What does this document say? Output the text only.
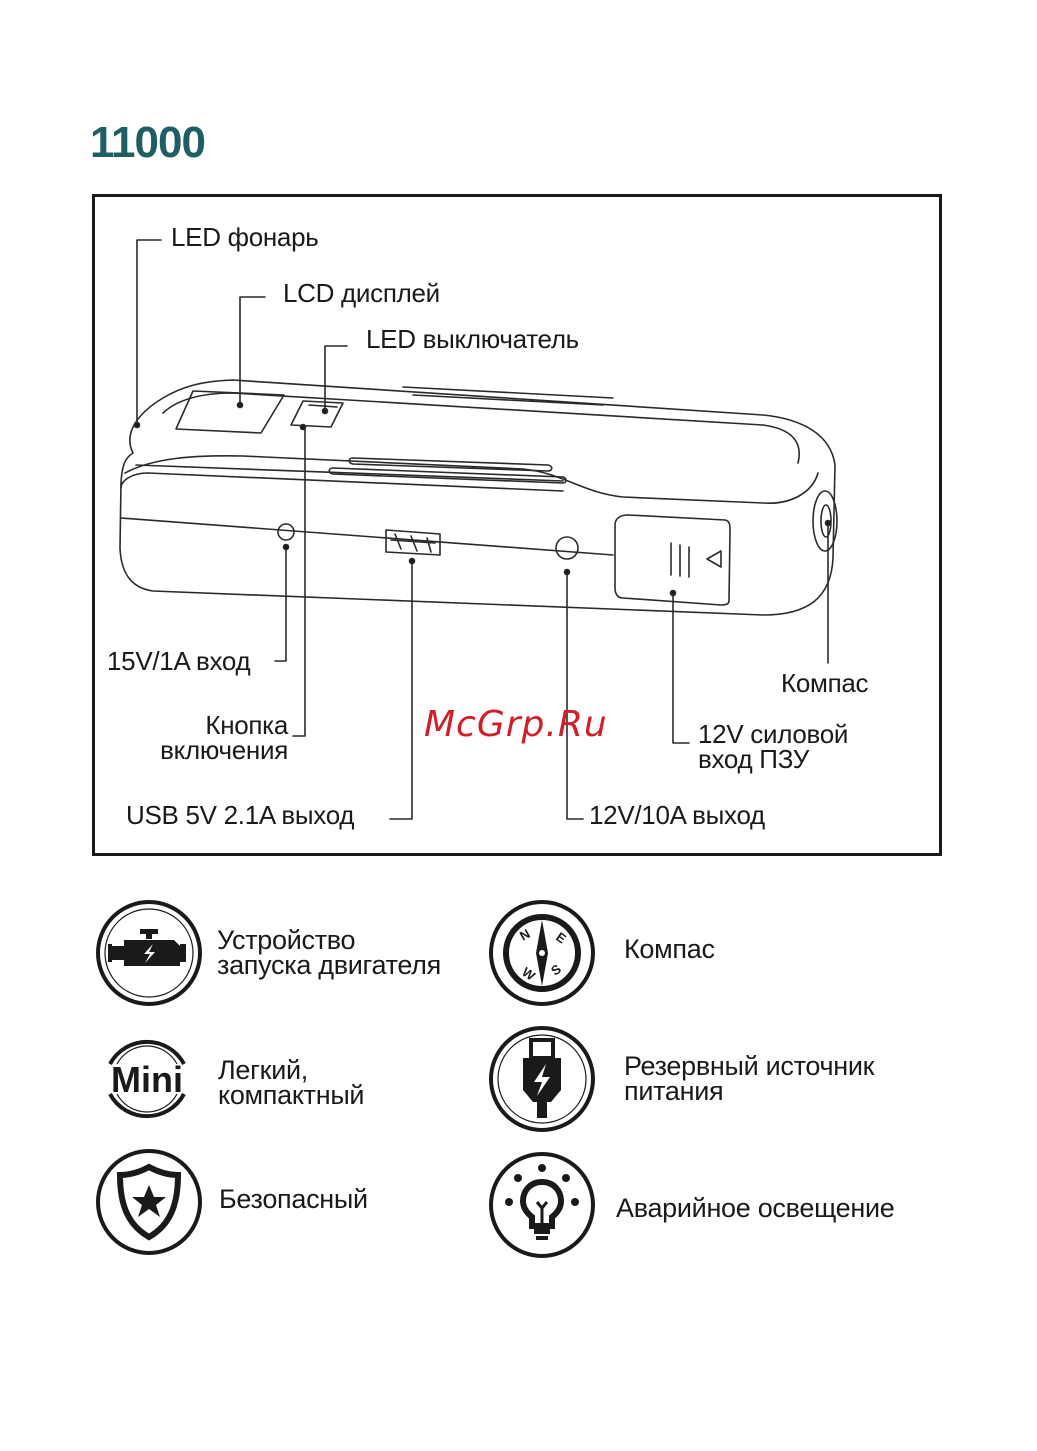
11000
LED фонарь
LCD дисплей
LED выключатель
15V/1A вход
Кнопка
включения
USB 5V 2.1A выход
Компас
12V силовой
вход ПЗУ
12V/10A выход
McGrp.Ru
Устройство
запуска двигателя
N E
S
W
Компас
Mini Легкий,
компактный
Резервный источник
питания
Безопасный	Аварийное освещение
